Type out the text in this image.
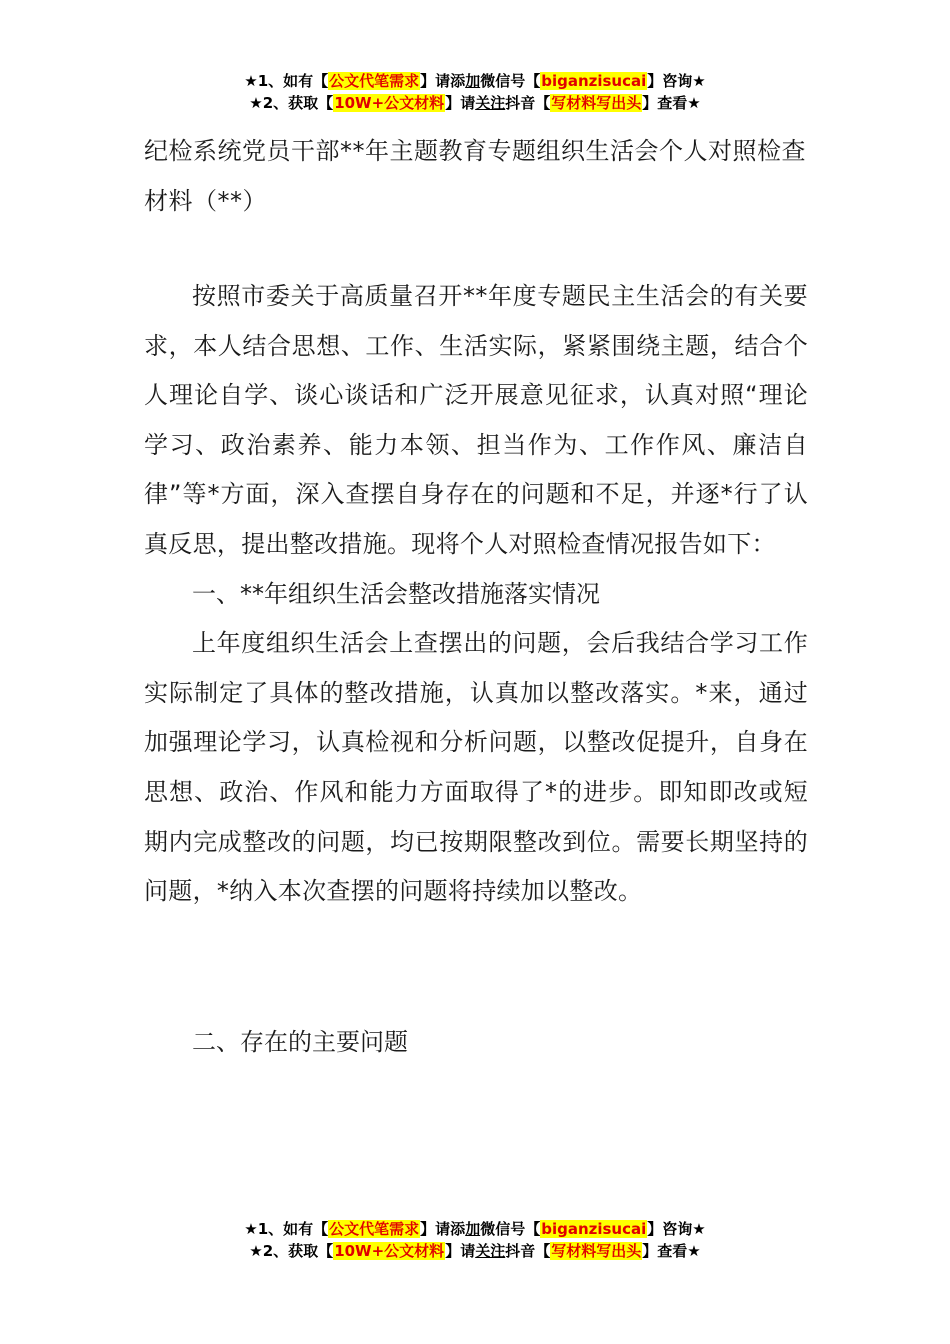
★1、如有【公文代笔需求】请添加微信号【biganzisucai】咨询★
★2、获取【10W+公文材料】请关注抖音【写材料写出头】查看★
纪检系统党员干部**年主题教育专题组织生活会个人对照检查材料（**）

按照市委关于高质量召开**年度专题民主生活会的有关要求，本人结合思想、工作、生活实际，紧紧围绕主题，结合个人理论自学、谈心谈话和广泛开展意见征求，认真对照“理论学习、政治素养、能力本领、担当作为、工作作风、廉洁自律”等*方面，深入查摆自身存在的问题和不足，并逐*行了认真反思，提出整改措施。现将个人对照检查情况报告如下：

一、**年组织生活会整改措施落实情况

上年度组织生活会上查摆出的问题，会后我结合学习工作实际制定了具体的整改措施，认真加以整改落实。*来，通过加强理论学习，认真检视和分析问题，以整改促提升，自身在思想、政治、作风和能力方面取得了*的进步。即知即改或短期内完成整改的问题，均已按期限整改到位。需要长期坚持的问题，*纳入本次查摆的问题将持续加以整改。

二、存在的主要问题
★1、如有【公文代笔需求】请添加微信号【biganzisucai】咨询★
★2、获取【10W+公文材料】请关注抖音【写材料写出头】查看★
